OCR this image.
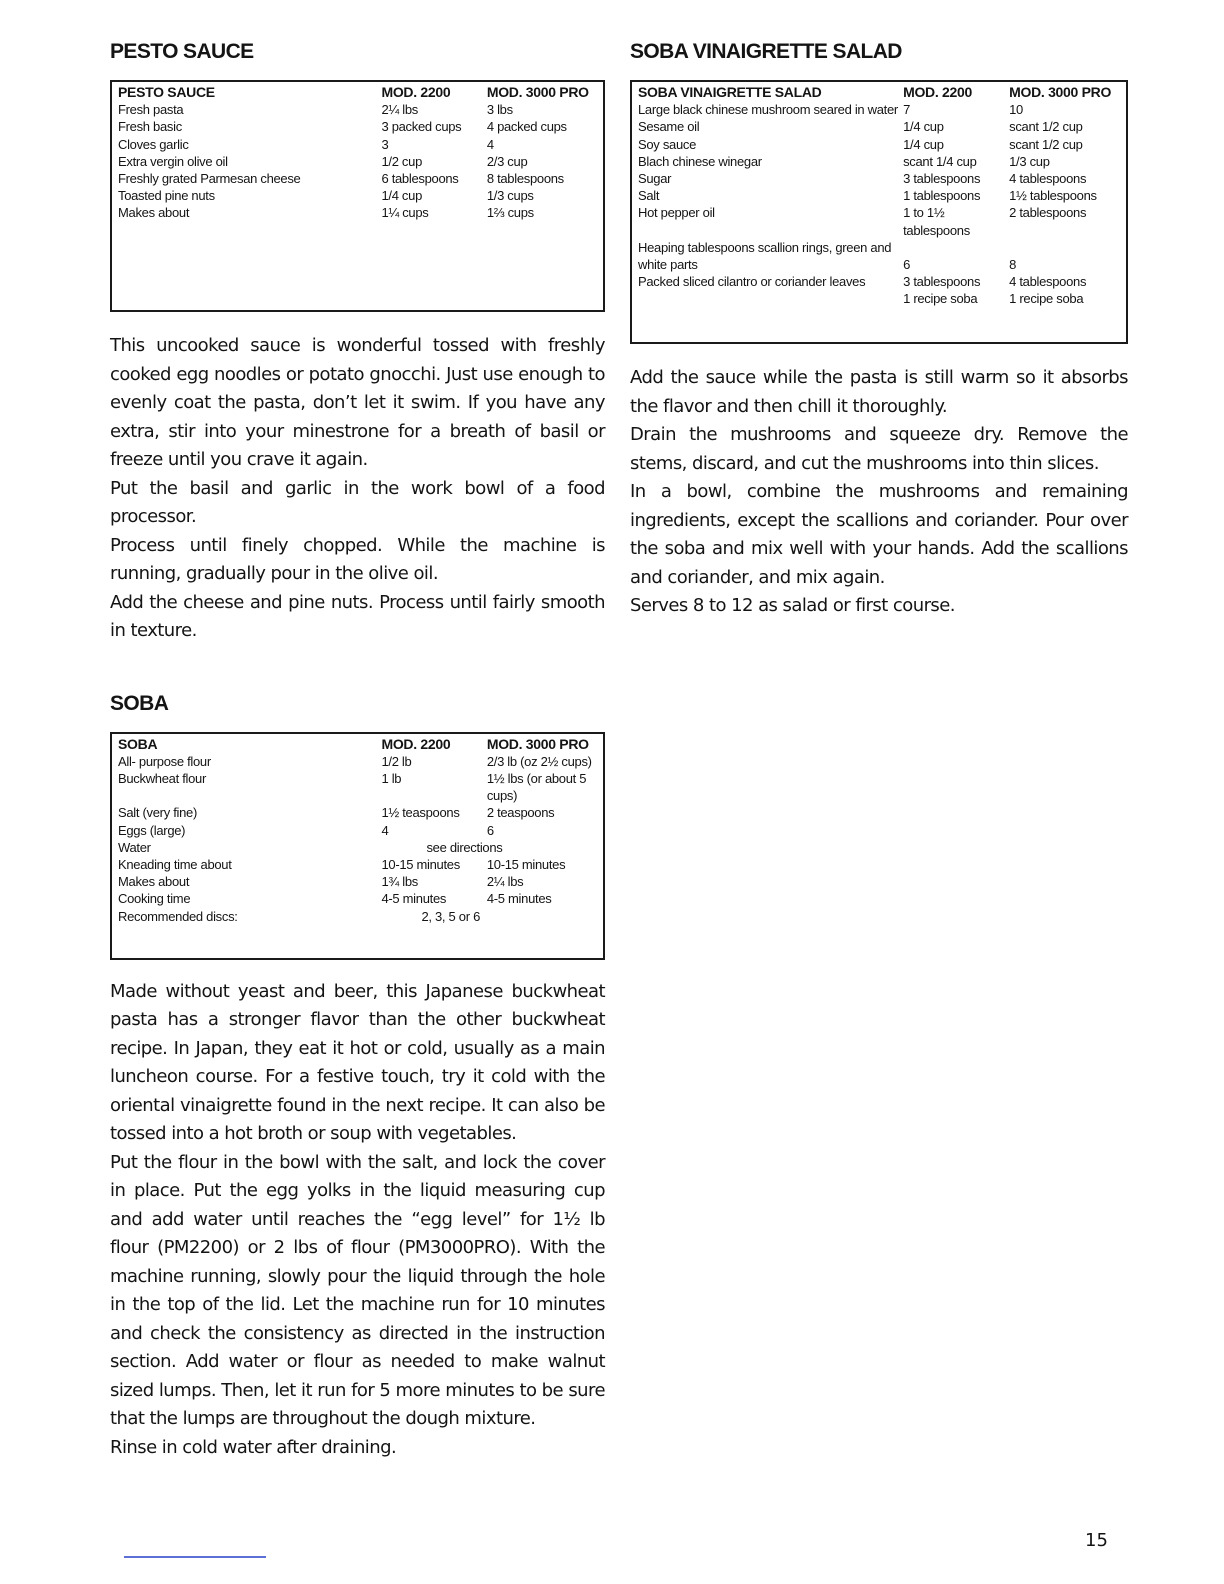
PESTO SAUCE
PESTO SAUCE	MOD. 2200	MOD. 3000 PRO
Fresh pasta	2¼ lbs	3 lbs
Fresh basic	3 packed cups	4 packed cups
Cloves garlic	3	4
Extra vergin olive oil	1/2 cup	2/3 cup
Freshly grated Parmesan cheese	6 tablespoons	8 tablespoons
Toasted pine nuts	1/4 cup	1/3 cups
Makes about	1¼ cups	1⅔ cups

This uncooked sauce is wonderful tossed with freshly cooked egg noodles or potato gnocchi. Just use enough to evenly coat the pasta, don’t let it swim. If you have any extra, stir into your minestrone for a breath of basil or freeze until you crave it again.

Put the basil and garlic in the work bowl of a food processor.

Process until finely chopped. While the machine is running, gradually pour in the olive oil.

Add the cheese and pine nuts. Process until fairly smooth in texture.

SOBA
SOBA	MOD. 2200	MOD. 3000 PRO
All- purpose flour	1/2 lb	2/3 lb (oz 2½ cups)
Buckwheat flour	1 lb	1½ lbs (or about 5 cups)
Salt (very fine)	1½ teaspoons	2 teaspoons
Eggs (large)	4	6
Water	see directions	
Kneading time about	10-15 minutes	10-15 minutes
Makes about	1¾ lbs	2¼ lbs
Cooking time	4-5 minutes	4-5 minutes
Recommended discs:	2, 3, 5 or 6	

Made without yeast and beer, this Japanese buckwheat pasta has a stronger flavor than the other buckwheat recipe. In Japan, they eat it hot or cold, usually as a main luncheon course. For a festive touch, try it cold with the oriental vinaigrette found in the next recipe. It can also be tossed into a hot broth or soup with vegetables.

Put the flour in the bowl with the salt, and lock the cover in place. Put the egg yolks in the liquid measuring cup and add water until reaches the “egg level” for 1½ lb flour (PM2200) or 2 lbs of flour (PM3000PRO). With the machine running, slowly pour the liquid through the hole in the top of the lid. Let the machine run for 10 minutes and check the consistency as directed in the instruction section. Add water or flour as needed to make walnut sized lumps. Then, let it run for 5 more minutes to be sure that the lumps are throughout the dough mixture.

Rinse in cold water after draining.

SOBA VINAIGRETTE SALAD
SOBA VINAIGRETTE SALAD	MOD. 2200	MOD. 3000 PRO
Large black chinese mushroom seared in water	7	10
Sesame oil	1/4 cup	scant 1/2 cup
Soy sauce	1/4 cup	scant 1/2 cup
Blach chinese winegar	scant 1/4 cup	1/3 cup
Sugar	3 tablespoons	4 tablespoons
Salt	1 tablespoons	1½ tablespoons
Hot pepper oil	1 to 1½ tablespoons	2 tablespoons
Heaping tablespoons scallion rings, green and white parts	6	8
Packed sliced cilantro or coriander leaves	3 tablespoons	4 tablespoons
	1 recipe soba	1 recipe soba

Add the sauce while the pasta is still warm so it absorbs the flavor and then chill it thoroughly.

Drain the mushrooms and squeeze dry. Remove the stems, discard, and cut the mushrooms into thin slices.

In a bowl, combine the mushrooms and remaining ingredients, except the scallions and coriander. Pour over the soba and mix well with your hands. Add the scallions and coriander, and mix again.

Serves 8 to 12 as salad or first course.

15
